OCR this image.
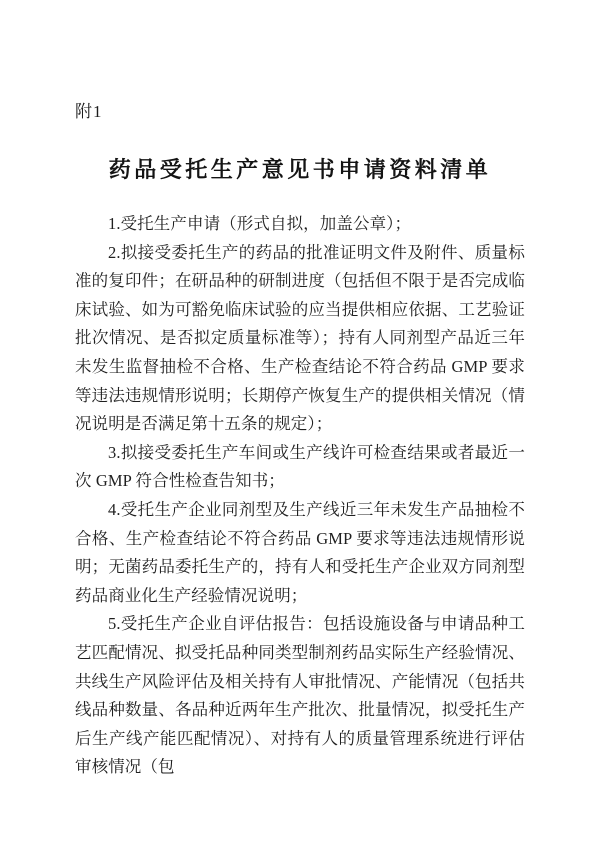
附1

药品受托生产意见书申请资料清单

1.受托生产申请（形式自拟，加盖公章）；

2.拟接受委托生产的药品的批准证明文件及附件、质量标准的复印件；在研品种的研制进度（包括但不限于是否完成临床试验、如为可豁免临床试验的应当提供相应依据、工艺验证批次情况、是否拟定质量标准等）；持有人同剂型产品近三年未发生监督抽检不合格、生产检查结论不符合药品 GMP 要求等违法违规情形说明；长期停产恢复生产的提供相关情况（情况说明是否满足第十五条的规定）；

3.拟接受委托生产车间或生产线许可检查结果或者最近一次 GMP 符合性检查告知书；

4.受托生产企业同剂型及生产线近三年未发生产品抽检不合格、生产检查结论不符合药品 GMP 要求等违法违规情形说明；无菌药品委托生产的，持有人和受托生产企业双方同剂型药品商业化生产经验情况说明；

5.受托生产企业自评估报告：包括设施设备与申请品种工艺匹配情况、拟受托品种同类型制剂药品实际生产经验情况、共线生产风险评估及相关持有人审批情况、产能情况（包括共线品种数量、各品种近两年生产批次、批量情况，拟受托生产后生产线产能匹配情况）、对持有人的质量管理系统进行评估审核情况（包
